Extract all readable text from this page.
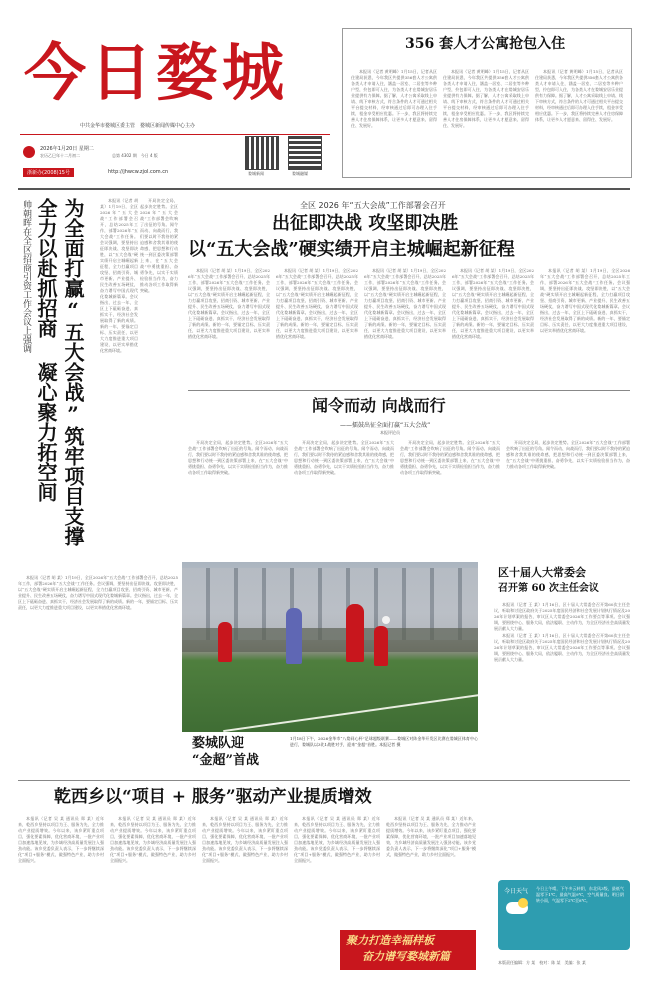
今日婺城
中共金华市婺城区委主管　婺城区新闻传媒中心主办
2026年1月20日 星期二
农历乙巳年十二月初二	总第 4302 期　今日 4 版
婺城新闻	婺城融媒
浙新办(2008)15号	http://jhwcw.zjol.com.cn
356 套人才公寓抢包入住

本报讯（记者 黄明峰）1月15日，记者从区住建局获悉，今年我区共提供356套人才公寓供各类人才申请入住，涵盖一居室、二居室等多种户型，拎包即可入住，为各类人才在婺城安居乐业提供有力保障。据了解，人才公寓采取线上申请、线下审核方式，符合条件的人才可通过相关平台提交材料，经审核通过后即可办理入住手续，租金享受相应优惠。下一步，我区将持续完善人才住房保障体系，让更多人才愿意来、留得住、发展好。

本报讯（记者 黄明峰）1月15日，记者从区住建局获悉，今年我区共提供356套人才公寓供各类人才申请入住，涵盖一居室、二居室等多种户型，拎包即可入住，为各类人才在婺城安居乐业提供有力保障。据了解，人才公寓采取线上申请、线下审核方式，符合条件的人才可通过相关平台提交材料，经审核通过后即可办理入住手续，租金享受相应优惠。下一步，我区将持续完善人才住房保障体系，让更多人才愿意来、留得住、发展好。

本报讯（记者 黄明峰）1月15日，记者从区住建局获悉，今年我区共提供356套人才公寓供各类人才申请入住，涵盖一居室、二居室等多种户型，拎包即可入住，为各类人才在婺城安居乐业提供有力保障。据了解，人才公寓采取线上申请、线下审核方式，符合条件的人才可通过相关平台提交材料，经审核通过后即可办理入住手续，租金享受相应优惠。下一步，我区将持续完善人才住房保障体系，让更多人才愿意来、留得住、发展好。

帅朝晖在全区招商引资工作会议上强调 为全面打赢“五大会战”筑牢项目支撑
全力以赴抓招商 凝心聚力拓空间	本报讯（记者 胡 某）1月19日，全区2026年“五大会战”工作部署会召开，总结2025年工作，部署2026年“五大会战”工作任务。会议强调，要坚持出征即决战、攻坚即决胜，以“五大会战”硬实绩开启主城崛起新征程，全力打赢项目攻坚、招商引资、城市更新、产业提升、民生改善五场硬仗，奋力谱写中国式现代化婺城新篇章。会议指出，过去一年，全区上下砥砺奋进、真抓实干，经济社会发展取得了新的成绩。新的一年，要锚定目标、压实责任，以更大力度推进重大项目建设，以更实举措优化营商环境。

开局决定全局，起步决定胜势。全区2026年“五大会战”工作部署会吹响了出征的号角。闻令而动、向战而行，我们要以时不我待的紧迫感和舍我其谁的使命感，把思想和行动统一到区委决策部署上来，在“五大会战”中勇挑重担、奋勇争先，以实干实绩检验担当作为，奋力推动各项工作取得新突破。

本报讯（记者 胡 某）1月19日，全区2026年“五大会战”工作部署会召开，总结2025年工作，部署2026年“五大会战”工作任务。会议强调，要坚持出征即决战、攻坚即决胜，以“五大会战”硬实绩开启主城崛起新征程，全力打赢项目攻坚、招商引资、城市更新、产业提升、民生改善五场硬仗，奋力谱写中国式现代化婺城新篇章。会议指出，过去一年，全区上下砥砺奋进、真抓实干，经济社会发展取得了新的成绩。新的一年，要锚定目标、压实责任，以更大力度推进重大项目建设，以更实举措优化营商环境。

全区 2026 年“五大会战”工作部署会召开
出征即决战 攻坚即决胜
以“五大会战”硬实绩开启主城崛起新征程

本报讯（记者 胡 某）1月19日，全区2026年“五大会战”工作部署会召开，总结2025年工作，部署2026年“五大会战”工作任务。会议强调，要坚持出征即决战、攻坚即决胜，以“五大会战”硬实绩开启主城崛起新征程，全力打赢项目攻坚、招商引资、城市更新、产业提升、民生改善五场硬仗，奋力谱写中国式现代化婺城新篇章。会议指出，过去一年，全区上下砥砺奋进、真抓实干，经济社会发展取得了新的成绩。新的一年，要锚定目标、压实责任，以更大力度推进重大项目建设，以更实举措优化营商环境。

本报讯（记者 胡 某）1月19日，全区2026年“五大会战”工作部署会召开，总结2025年工作，部署2026年“五大会战”工作任务。会议强调，要坚持出征即决战、攻坚即决胜，以“五大会战”硬实绩开启主城崛起新征程，全力打赢项目攻坚、招商引资、城市更新、产业提升、民生改善五场硬仗，奋力谱写中国式现代化婺城新篇章。会议指出，过去一年，全区上下砥砺奋进、真抓实干，经济社会发展取得了新的成绩。新的一年，要锚定目标、压实责任，以更大力度推进重大项目建设，以更实举措优化营商环境。

本报讯（记者 胡 某）1月19日，全区2026年“五大会战”工作部署会召开，总结2025年工作，部署2026年“五大会战”工作任务。会议强调，要坚持出征即决战、攻坚即决胜，以“五大会战”硬实绩开启主城崛起新征程，全力打赢项目攻坚、招商引资、城市更新、产业提升、民生改善五场硬仗，奋力谱写中国式现代化婺城新篇章。会议指出，过去一年，全区上下砥砺奋进、真抓实干，经济社会发展取得了新的成绩。新的一年，要锚定目标、压实责任，以更大力度推进重大项目建设，以更实举措优化营商环境。

本报讯（记者 胡 某）1月19日，全区2026年“五大会战”工作部署会召开，总结2025年工作，部署2026年“五大会战”工作任务。会议强调，要坚持出征即决战、攻坚即决胜，以“五大会战”硬实绩开启主城崛起新征程，全力打赢项目攻坚、招商引资、城市更新、产业提升、民生改善五场硬仗，奋力谱写中国式现代化婺城新篇章。会议指出，过去一年，全区上下砥砺奋进、真抓实干，经济社会发展取得了新的成绩。新的一年，要锚定目标、压实责任，以更大力度推进重大项目建设，以更实举措优化营商环境。

本报讯（记者 胡 某）1月19日，全区2026年“五大会战”工作部署会召开，总结2025年工作，部署2026年“五大会战”工作任务。会议强调，要坚持出征即决战、攻坚即决胜，以“五大会战”硬实绩开启主城崛起新征程，全力打赢项目攻坚、招商引资、城市更新、产业提升、民生改善五场硬仗，奋力谱写中国式现代化婺城新篇章。会议指出，过去一年，全区上下砥砺奋进、真抓实干，经济社会发展取得了新的成绩。新的一年，要锚定目标、压实责任，以更大力度推进重大项目建设，以更实举措优化营商环境。

闻令而动 向战而行
——擂鼓出征全面打赢“五大会战”
本报评论员

开局决定全局，起步决定胜势。全区2026年“五大会战”工作部署会吹响了出征的号角。闻令而动、向战而行，我们要以时不我待的紧迫感和舍我其谁的使命感，把思想和行动统一到区委决策部署上来，在“五大会战”中勇挑重担、奋勇争先，以实干实绩检验担当作为，奋力推动各项工作取得新突破。

开局决定全局，起步决定胜势。全区2026年“五大会战”工作部署会吹响了出征的号角。闻令而动、向战而行，我们要以时不我待的紧迫感和舍我其谁的使命感，把思想和行动统一到区委决策部署上来，在“五大会战”中勇挑重担、奋勇争先，以实干实绩检验担当作为，奋力推动各项工作取得新突破。

开局决定全局，起步决定胜势。全区2026年“五大会战”工作部署会吹响了出征的号角。闻令而动、向战而行，我们要以时不我待的紧迫感和舍我其谁的使命感，把思想和行动统一到区委决策部署上来，在“五大会战”中勇挑重担、奋勇争先，以实干实绩检验担当作为，奋力推动各项工作取得新突破。

开局决定全局，起步决定胜势。全区2026年“五大会战”工作部署会吹响了出征的号角。闻令而动、向战而行，我们要以时不我待的紧迫感和舍我其谁的使命感，把思想和行动统一到区委决策部署上来，在“五大会战”中勇挑重担、奋勇争先，以实干实绩检验担当作为，奋力推动各项工作取得新突破。

婺城队迎
“金超”首战

1月18日下午，2026金华市“八婺同心杯”足球超级联赛——婺城区对阵金华开发区比赛在婺城区体育中心进行，婺城队以3比1战胜对手，迎来“金超”首胜。本报记者 摄

区十届人大常委会
召开第 60 次主任会议

本报讯（记者 王 某）1月16日，区十届人大常委会召开第60次主任会议，听取和讨论区政府关于2025年度国民经济和社会发展计划执行情况及2026年计划草案的报告，审议区人大常委会2026年工作要点等事项。会议强调，要围绕中心、服务大局，依法履职、主动作为，为全区经济社会高质量发展贡献人大力量。

本报讯（记者 王 某）1月16日，区十届人大常委会召开第60次主任会议，听取和讨论区政府关于2025年度国民经济和社会发展计划执行情况及2026年计划草案的报告，审议区人大常委会2026年工作要点等事项。会议强调，要围绕中心、服务大局，依法履职、主动作为，为全区经济社会高质量发展贡献人大力量。

乾西乡以“项目 + 服务”驱动产业提质增效

本报讯（记者 吴 某 通讯员 郑 某）近年来，乾西乡坚持以项目为王、服务为先，全力推动产业提质增效。今年以来，该乡紧盯重点项目，强化要素保障，优化营商环境，一批产业项目加速落地见效，为乡域经济高质量发展注入强劲动能。该乡党委负责人表示，下一步将继续深化“项目+服务”模式，做强特色产业，助力乡村全面振兴。

本报讯（记者 吴 某 通讯员 郑 某）近年来，乾西乡坚持以项目为王、服务为先，全力推动产业提质增效。今年以来，该乡紧盯重点项目，强化要素保障，优化营商环境，一批产业项目加速落地见效，为乡域经济高质量发展注入强劲动能。该乡党委负责人表示，下一步将继续深化“项目+服务”模式，做强特色产业，助力乡村全面振兴。

本报讯（记者 吴 某 通讯员 郑 某）近年来，乾西乡坚持以项目为王、服务为先，全力推动产业提质增效。今年以来，该乡紧盯重点项目，强化要素保障，优化营商环境，一批产业项目加速落地见效，为乡域经济高质量发展注入强劲动能。该乡党委负责人表示，下一步将继续深化“项目+服务”模式，做强特色产业，助力乡村全面振兴。

本报讯（记者 吴 某 通讯员 郑 某）近年来，乾西乡坚持以项目为王、服务为先，全力推动产业提质增效。今年以来，该乡紧盯重点项目，强化要素保障，优化营商环境，一批产业项目加速落地见效，为乡域经济高质量发展注入强劲动能。该乡党委负责人表示，下一步将继续深化“项目+服务”模式，做强特色产业，助力乡村全面振兴。

本报讯（记者 吴 某 通讯员 郑 某）近年来，乾西乡坚持以项目为王、服务为先，全力推动产业提质增效。今年以来，该乡紧盯重点项目，强化要素保障，优化营商环境，一批产业项目加速落地见效，为乡域经济高质量发展注入强劲动能。该乡党委负责人表示，下一步将继续深化“项目+服务”模式，做强特色产业，助力乡村全面振兴。

聚力打造幸福样板
奋力谱写婺城新篇
今日天气 今日上午晴，下午多云转阴，东北风3级，最低气温零下1℃，最高气温9℃，空气质量良。明日阴转小雨，气温零下2℃至8℃。

本版责任编辑：方 某　校对：陈 某　美编：张 某
